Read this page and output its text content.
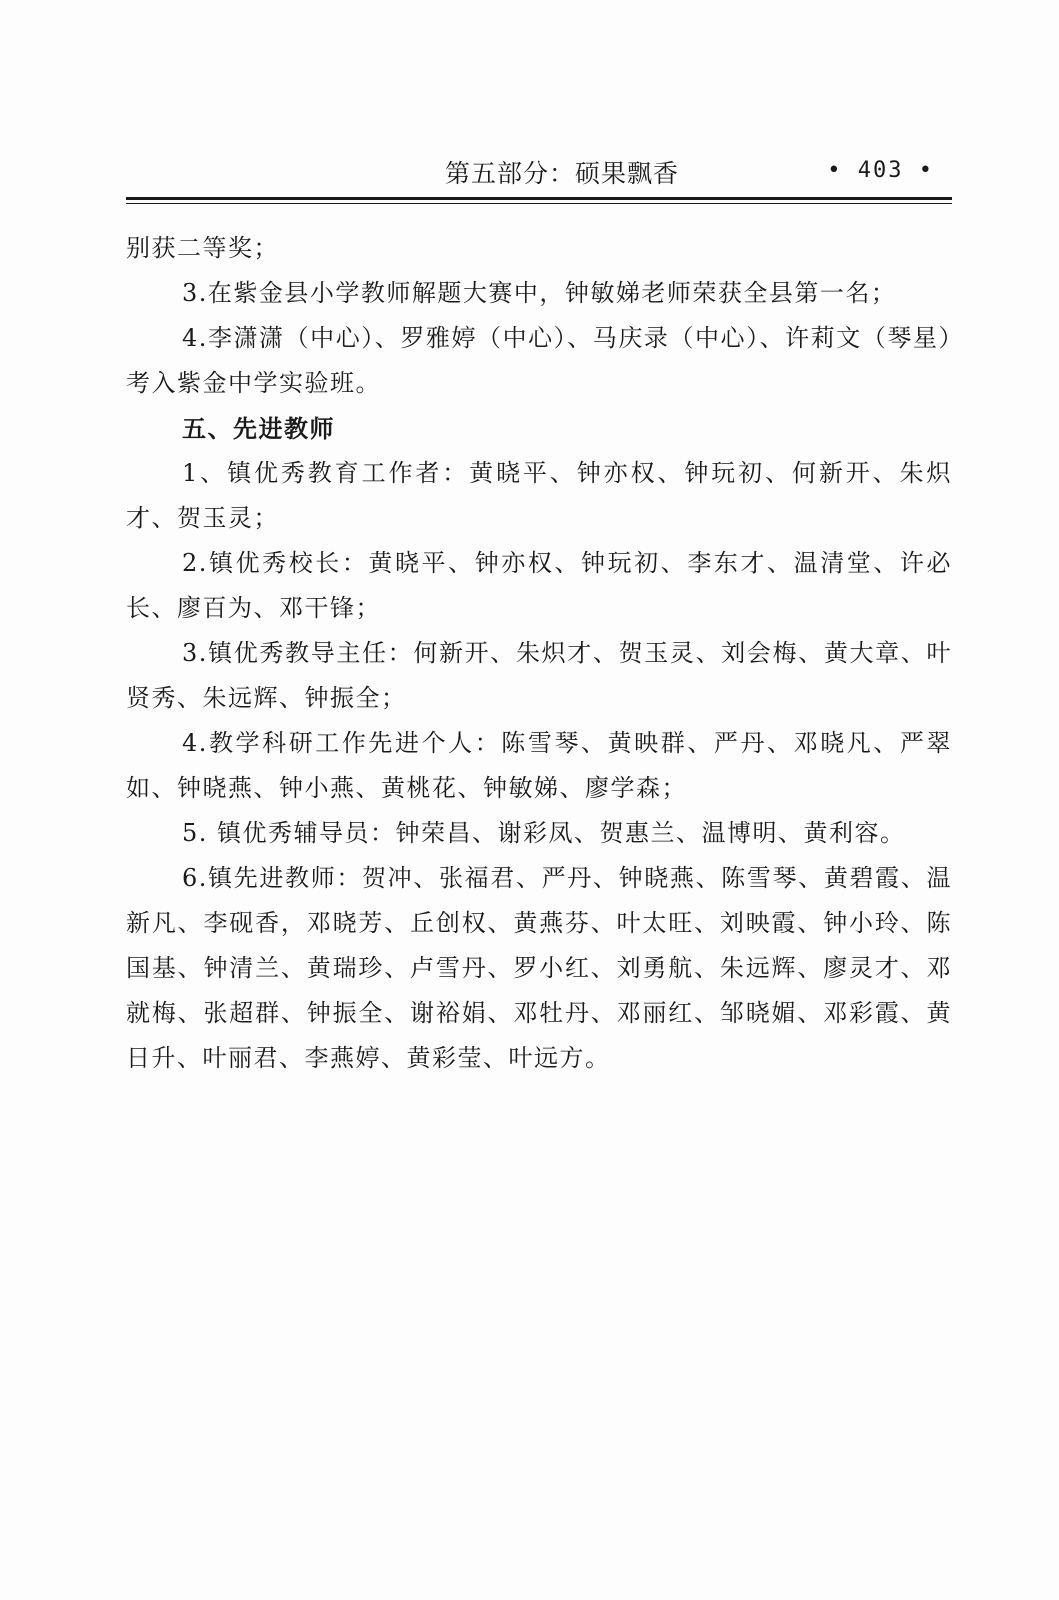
第五部分：硕果飘香	• 403 •

别获二等奖；

3.在紫金县小学教师解题大赛中，钟敏娣老师荣获全县第一名；

4.李潇潇（中心）、罗雅婷（中心）、马庆录（中心）、许莉文（琴星）考入紫金中学实验班。

五、先进教师

1、镇优秀教育工作者：黄晓平、钟亦权、钟玩初、何新开、朱炽才、贺玉灵；

2.镇优秀校长：黄晓平、钟亦权、钟玩初、李东才、温清堂、许必长、廖百为、邓干锋；

3.镇优秀教导主任：何新开、朱炽才、贺玉灵、刘会梅、黄大章、叶贤秀、朱远辉、钟振全；

4.教学科研工作先进个人：陈雪琴、黄映群、严丹、邓晓凡、严翠如、钟晓燕、钟小燕、黄桃花、钟敏娣、廖学森；

5. 镇优秀辅导员：钟荣昌、谢彩凤、贺惠兰、温博明、黄利容。

6.镇先进教师：贺冲、张福君、严丹、钟晓燕、陈雪琴、黄碧霞、温新凡、李砚香，邓晓芳、丘创权、黄燕芬、叶太旺、刘映霞、钟小玲、陈国基、钟清兰、黄瑞珍、卢雪丹、罗小红、刘勇航、朱远辉、廖灵才、邓就梅、张超群、钟振全、谢裕娟、邓牡丹、邓丽红、邹晓媚、邓彩霞、黄日升、叶丽君、李燕婷、黄彩莹、叶远方。
